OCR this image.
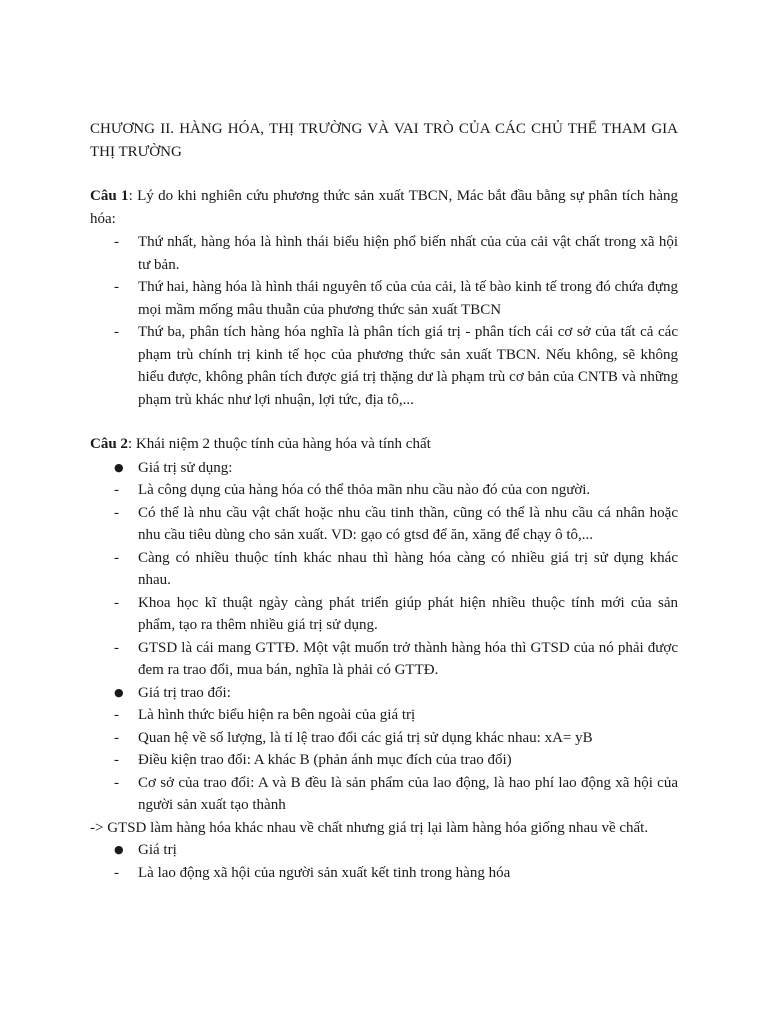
CHƯƠNG II. HÀNG HÓA, THỊ TRƯỜNG VÀ VAI TRÒ CỦA CÁC CHỦ THỂ THAM GIA THỊ TRƯỜNG

Câu 1: Lý do khi nghiên cứu phương thức sản xuất TBCN, Mác bắt đầu bằng sự phân tích hàng hóa:

-	Thứ nhất, hàng hóa là hình thái biểu hiện phổ biến nhất của của cải vật chất trong xã hội tư bản.
-	Thứ hai, hàng hóa là hình thái nguyên tố của của cải, là tế bào kinh tế trong đó chứa đựng mọi mầm mống mâu thuẫn của phương thức sản xuất TBCN
-	Thứ ba, phân tích hàng hóa nghĩa là phân tích giá trị - phân tích cái cơ sở của tất cả các phạm trù chính trị kinh tế học của phương thức sản xuất TBCN. Nếu không, sẽ không hiểu được, không phân tích được giá trị thặng dư là phạm trù cơ bản của CNTB và những phạm trù khác như lợi nhuận, lợi tức, địa tô,...

Câu 2: Khái niệm 2 thuộc tính của hàng hóa và tính chất

● Giá trị sử dụng:
-	Là công dụng của hàng hóa có thể thỏa mãn nhu cầu nào đó của con người.
-	Có thể là nhu cầu vật chất hoặc nhu cầu tinh thần, cũng có thể là nhu cầu cá nhân hoặc nhu cầu tiêu dùng cho sản xuất. VD: gạo có gtsd để ăn, xăng để chạy ô tô,...
-	Càng có nhiều thuộc tính khác nhau thì hàng hóa càng có nhiều giá trị sử dụng khác nhau.
-	Khoa học kĩ thuật ngày càng phát triển giúp phát hiện nhiều thuộc tính mới của sản phẩm, tạo ra thêm nhiều giá trị sử dụng.
-	GTSD là cái mang GTTĐ. Một vật muốn trở thành hàng hóa thì GTSD của nó phải được đem ra trao đổi, mua bán, nghĩa là phải có GTTĐ.
● Giá trị trao đổi:
-	Là hình thức biểu hiện ra bên ngoài của giá trị
-	Quan hệ về số lượng, là tỉ lệ trao đổi các giá trị sử dụng khác nhau: xA= yB
-	Điều kiện trao đổi: A khác B (phản ánh mục đích của trao đổi)
-	Cơ sở của trao đổi: A và B đều là sản phẩm của lao động, là hao phí lao động xã hội của người sản xuất tạo thành

-> GTSD làm hàng hóa khác nhau về chất nhưng giá trị lại làm hàng hóa giống nhau về chất.

● Giá trị
-	Là lao động xã hội của người sản xuất kết tinh trong hàng hóa
